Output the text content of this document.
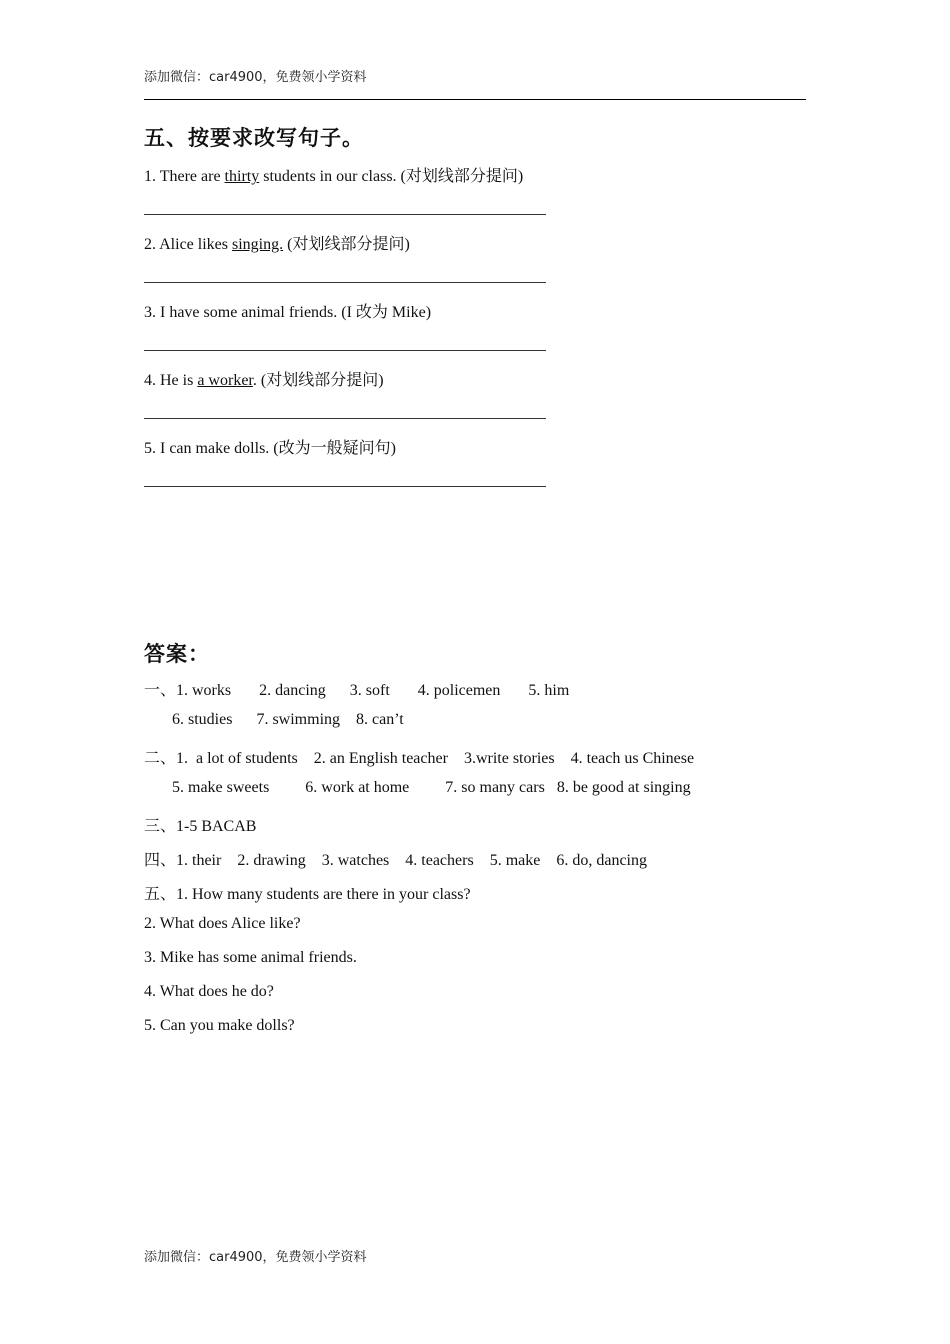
添加微信：car4900，免费领小学资料
五、按要求改写句子。
1. There are thirty students in our class. (对划线部分提问)
2. Alice likes singing. (对划线部分提问)
3. I have some animal friends. (I 改为 Mike)
4. He is a worker. (对划线部分提问)
5. I can make dolls. (改为一般疑问句)
答案：
一、1. works       2. dancing      3. soft       4. policemen       5. him
6. studies      7. swimming    8. can’t
二、1.  a lot of students    2. an English teacher    3.write stories    4. teach us Chinese
5. make sweets         6. work at home         7. so many cars   8. be good at singing
三、1-5 BACAB
四、1. their    2. drawing    3. watches    4. teachers    5. make    6. do, dancing
五、1. How many students are there in your class?
2. What does Alice like?
3. Mike has some animal friends.
4. What does he do?
5. Can you make dolls?
添加微信：car4900，免费领小学资料
